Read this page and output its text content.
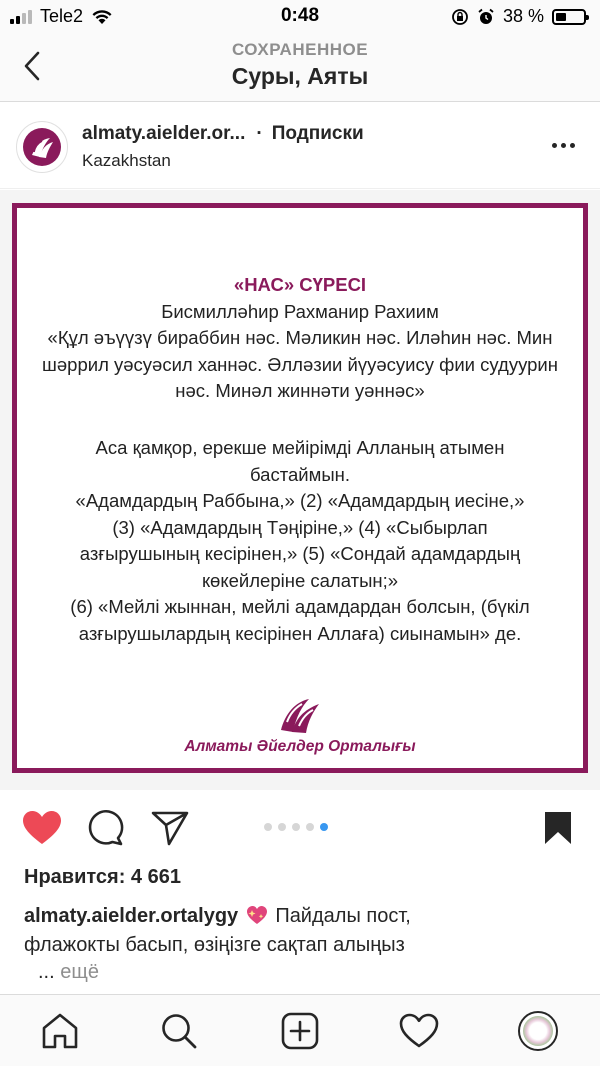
Tele2	0:48	38 %
СОХРАНЕННОЕ
Суры, Аяты
almaty.aielder.or... · Подписки
Kazakhstan
«НАС» СҮРЕСІ
Бисмилләһир Рахманир Рахиим
«Құл әъүүзү бираббин нәс. Мәликин нәс. Иләһин нәс. Мин
шәррил уәсуәсил ханнәс. Әлләзии йүуәсуису фии судуурин
нәс. Минәл жиннәти уәннәс»
Аса қамқор, ерекше мейірімді Алланың атымен
бастаймын.
«Адамдардың Раббына,» (2) «Адамдардың иесіне,»
(3) «Адамдардың Тәңіріне,» (4) «Сыбырлап
азғырушының кесірінен,» (5) «Сондай адамдардың
көкейлеріне салатын;»
(6) «Мейлі жыннан, мейлі адамдардан болсын, (бүкіл
азғырушылардың кесірінен Аллаға) сиынамын» де.
Алматы Әйелдер Орталығы
Нравится: 4 661
almaty.aielder.ortalygy Пайдалы пост,
флажокты басып, өзіңізге сақтап алыңыз
... ещё
